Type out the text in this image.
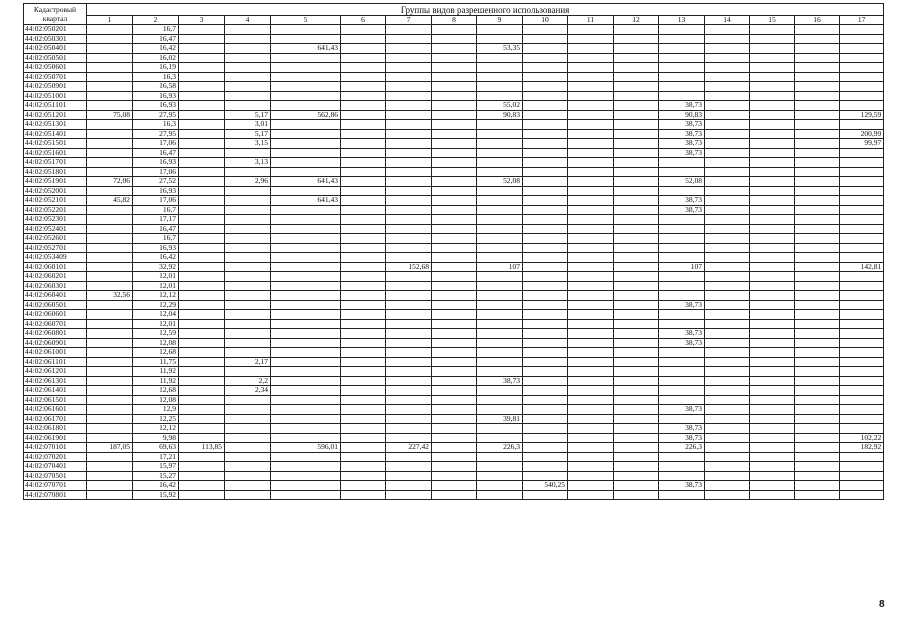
Кадастровый квартал	Группы видов разрешенного использования																
	1	2	3	4	5	6	7	8	9	10	11	12	13	14	15	16	17
44:02:050201		16,7															
44:02:050301		16,47															
44:02:050401		16,42			641,43				53,35								
44:02:050501		16,02															
44:02:050601		16,19															
44:02:050701		16,3															
44:02:050901		16,58															
44:02:051001		16,93															
44:02:051101		16,93							55,02				38,73				
44:02:051201	75,08	27,95		5,17	562,86				90,83				90,83				129,59
44:02:051301		16,3		3,01									38,73				
44:02:051401		27,95		5,17									38,73				200,99
44:02:051501		17,06		3,15									38,73				99,97
44:02:051601		16,47											38,73				
44:02:051701		16,93		3,13													
44:02:051801		17,06															
44:02:051901	72,06	27,52		2,96	641,43				52,08				52,08				
44:02:052001		16,93															
44:02:052101	45,82	17,06			641,43								38,73				
44:02:052201		16,7											38,73				
44:02:052301		17,17															
44:02:052401		16,47															
44:02:052601		16,7															
44:02:052701		16,93															
44:02:053409		16,42															
44:02:060101		32,92					152,68		107				107				142,81
44:02:060201		12,01															
44:02:060301		12,01															
44:02:060401	32,56	12,12															
44:02:060501		12,29											38,73				
44:02:060601		12,04															
44:02:060701		12,01															
44:02:060801		12,59											38,73				
44:02:060901		12,08											38,73				
44:02:061001		12,68															
44:02:061101		11,75		2,17													
44:02:061201		11,92															
44:02:061301		11,92		2,2					38,73								
44:02:061401		12,68		2,34													
44:02:061501		12,08															
44:02:061601		12,9											38,73				
44:02:061701		12,25							39,81								
44:02:061801		12,12											38,73				
44:02:061901		9,98											38,73				102,22
44:02:070101	187,05	69,63	113,85		596,01		227,42		226,3				226,3				182,92
44:02:070201		17,21															
44:02:070401		15,97															
44:02:070501		15,27															
44:02:070701		16,42								540,25			38,73				
44:02:070801		15,92															
8
